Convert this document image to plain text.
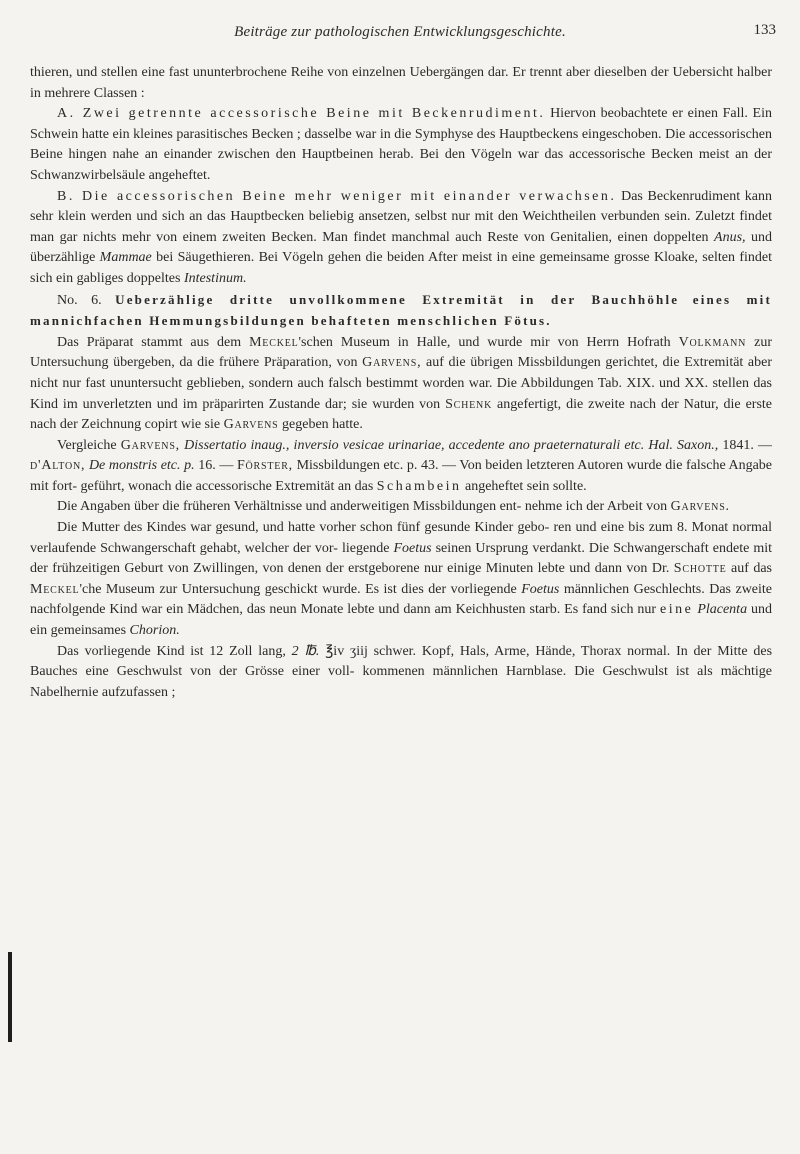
Beiträge zur pathologischen Entwicklungsgeschichte.	133

thieren, und stellen eine fast ununterbrochene Reihe von einzelnen Uebergängen dar. Er trennt aber dieselben der Uebersicht halber in mehrere Classen :

A. Zwei getrennte accessorische Beine mit Beckenrudiment. Hiervon beobachtete er einen Fall. Ein Schwein hatte ein kleines parasitisches Becken ; dasselbe war in die Symphyse des Hauptbeckens eingeschoben. Die accessorischen Beine hingen nahe an einander zwischen den Hauptbeinen herab. Bei den Vögeln war das accessorische Becken meist an der Schwanzwirbelsäule angeheftet.

B. Die accessorischen Beine mehr weniger mit einander verwachsen. Das Beckenrudiment kann sehr klein werden und sich an das Hauptbecken beliebig ansetzen, selbst nur mit den Weichtheilen verbunden sein. Zuletzt findet man gar nichts mehr von einem zweiten Becken. Man findet manchmal auch Reste von Genitalien, einen doppelten Anus, und überzählige Mammae bei Säugethieren. Bei Vögeln gehen die beiden After meist in eine gemeinsame grosse Kloake, selten findet sich ein gabliges doppeltes Intestinum.

No. 6. Ueberzählige dritte unvollkommene Extremität in der Bauchhöhle eines mit mannichfachen Hemmungsbildungen behafteten menschlichen Fötus.

Das Präparat stammt aus dem Meckel'schen Museum in Halle, und wurde mir von Herrn Hofrath Volkmann zur Untersuchung übergeben, da die frühere Präparation, von Garvens, auf die übrigen Missbildungen gerichtet, die Extremität aber nicht nur fast ununtersucht geblieben, sondern auch falsch bestimmt worden war. Die Abbildungen Tab. XIX. und XX. stellen das Kind im unverletzten und im präparirten Zustande dar; sie wurden von Schenk angefertigt, die zweite nach der Natur, die erste nach der Zeichnung copirt wie sie Garvens gegeben hatte.

Vergleiche Garvens, Dissertatio inaug., inversio vesicae urinariae, accedente ano praeternaturali etc. Hal. Saxon., 1841. — d'Alton, De monstris etc. p. 16. — Förster, Missbildungen etc. p. 43. — Von beiden letzteren Autoren wurde die falsche Angabe mit fort- geführt, wonach die accessorische Extremität an das Schambein angeheftet sein sollte.

Die Angaben über die früheren Verhältnisse und anderweitigen Missbildungen ent- nehme ich der Arbeit von Garvens.

Die Mutter des Kindes war gesund, und hatte vorher schon fünf gesunde Kinder gebo- ren und eine bis zum 8. Monat normal verlaufende Schwangerschaft gehabt, welcher der vor- liegende Foetus seinen Ursprung verdankt. Die Schwangerschaft endete mit der frühzeitigen Geburt von Zwillingen, von denen der erstgeborene nur einige Minuten lebte und dann von Dr. Schotte auf das Meckel'che Museum zur Untersuchung geschickt wurde. Es ist dies der vorliegende Foetus männlichen Geschlechts. Das zweite nachfolgende Kind war ein Mädchen, das neun Monate lebte und dann am Keichhusten starb. Es fand sich nur eine Placenta und ein gemeinsames Chorion.

Das vorliegende Kind ist 12 Zoll lang, 2 ℔. ℥iv ʒiij schwer. Kopf, Hals, Arme, Hände, Thorax normal. In der Mitte des Bauches eine Geschwulst von der Grösse einer voll- kommenen männlichen Harnblase. Die Geschwulst ist als mächtige Nabelhernie aufzufassen ;
